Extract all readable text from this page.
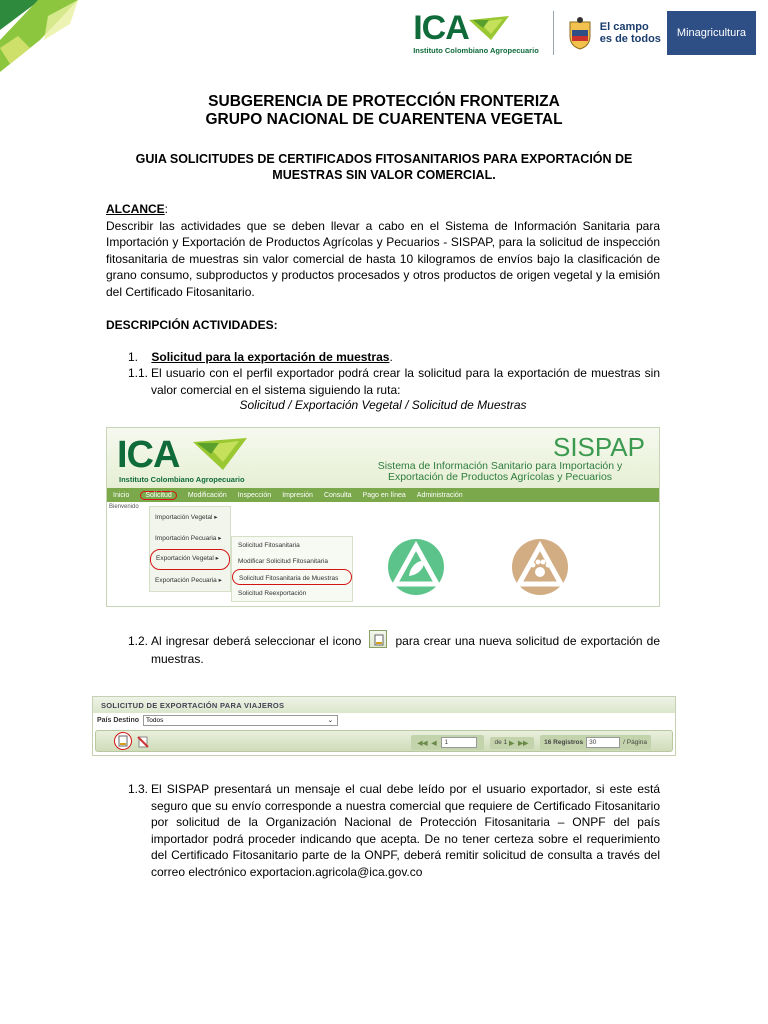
ICA
Instituto Colombiano Agropecuario
El campo
es de todos	Minagricultura
SUBGERENCIA DE PROTECCIÓN FRONTERIZA
GRUPO NACIONAL DE CUARENTENA VEGETAL
GUIA SOLICITUDES DE CERTIFICADOS FITOSANITARIOS PARA EXPORTACIÓN DE
MUESTRAS SIN VALOR COMERCIAL.
ALCANCE:
Describir las actividades que se deben llevar a cabo en el Sistema de Información Sanitaria para Importación y Exportación de Productos Agrícolas y Pecuarios - SISPAP, para la solicitud de inspección fitosanitaria de muestras sin valor comercial de hasta 10 kilogramos de envíos bajo la clasificación de grano consumo, subproductos y productos procesados y otros productos de origen vegetal y la emisión del Certificado Fitosanitario.
DESCRIPCIÓN ACTIVIDADES:
1. Solicitud para la exportación de muestras.
1.1. El usuario con el perfil exportador podrá crear la solicitud para la exportación de muestras sin valor comercial en el sistema siguiendo la ruta:
Solicitud / Exportación Vegetal / Solicitud de Muestras
ICA
Instituto Colombiano Agropecuario
SISPAP
Sistema de Información Sanitario para Importación y
Exportación de Productos Agrícolas y Pecuarios
Inicio	Solicitud	Modificación Inspección Impresión Consulta Pago en línea Administración
Bienvenido
Importación Vegetal ▸
Importación Pecuaria ▸
Exportación Vegetal ▸
Exportación Pecuaria ▸
Solicitud Fitosanitaria
Modificar Solicitud Fitosanitaria
Solicitud Fitosanitaria de Muestras
Solicitud Reexportación
1.2. Al ingresar deberá seleccionar el icono	para crear una nueva solicitud de exportación de muestras.
SOLICITUD DE EXPORTACIÓN PARA VIAJEROS
País Destino Todos	⌄
◀◀ ◀	1	de 1 ▶ ▶▶ 16 Registros 30	/ Página
1.3. El SISPAP presentará un mensaje el cual debe leído por el usuario exportador, si este está seguro que su envío corresponde a nuestra comercial que requiere de Certificado Fitosanitario por solicitud de la Organización Nacional de Protección Fitosanitaria – ONPF del país importador podrá proceder indicando que acepta. De no tener certeza sobre el requerimiento del Certificado Fitosanitario parte de la ONPF, deberá remitir solicitud de consulta a través del correo electrónico exportacion.agricola@ica.gov.co
